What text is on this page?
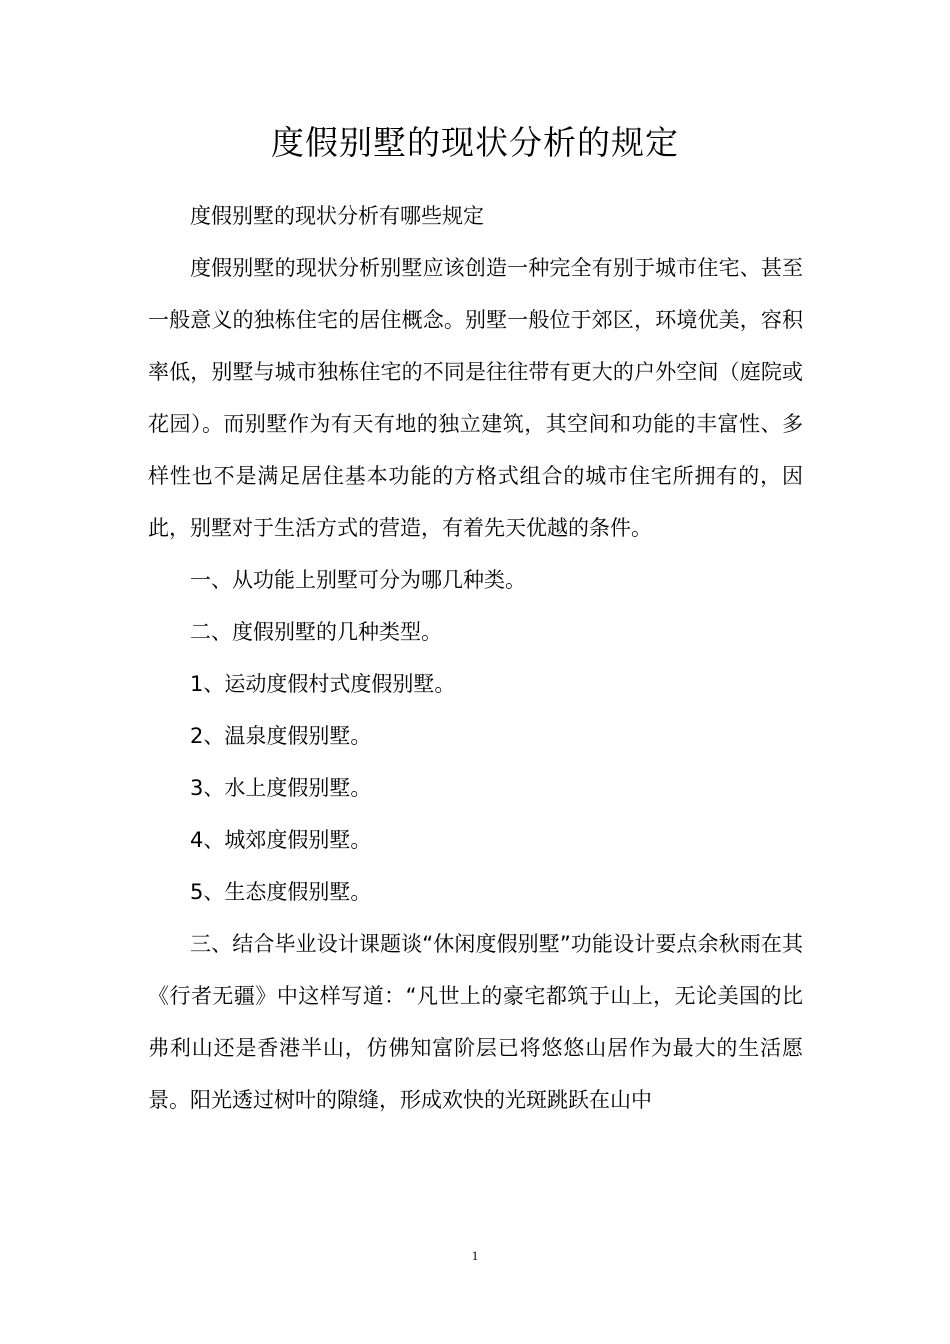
度假别墅的现状分析的规定

度假别墅的现状分析有哪些规定

度假别墅的现状分析别墅应该创造一种完全有别于城市住宅、甚至一般意义的独栋住宅的居住概念。别墅一般位于郊区，环境优美，容积率低，别墅与城市独栋住宅的不同是往往带有更大的户外空间（庭院或花园）。而别墅作为有天有地的独立建筑，其空间和功能的丰富性、多样性也不是满足居住基本功能的方格式组合的城市住宅所拥有的，因此，别墅对于生活方式的营造，有着先天优越的条件。

一、从功能上别墅可分为哪几种类。

二、度假别墅的几种类型。

1、运动度假村式度假别墅。

2、温泉度假别墅。

3、水上度假别墅。

4、城郊度假别墅。

5、生态度假别墅。

三、结合毕业设计课题谈“休闲度假别墅”功能设计要点余秋雨在其《行者无疆》中这样写道：“凡世上的豪宅都筑于山上，无论美国的比弗利山还是香港半山，仿佛知富阶层已将悠悠山居作为最大的生活愿景。阳光透过树叶的隙缝，形成欢快的光斑跳跃在山中

1
